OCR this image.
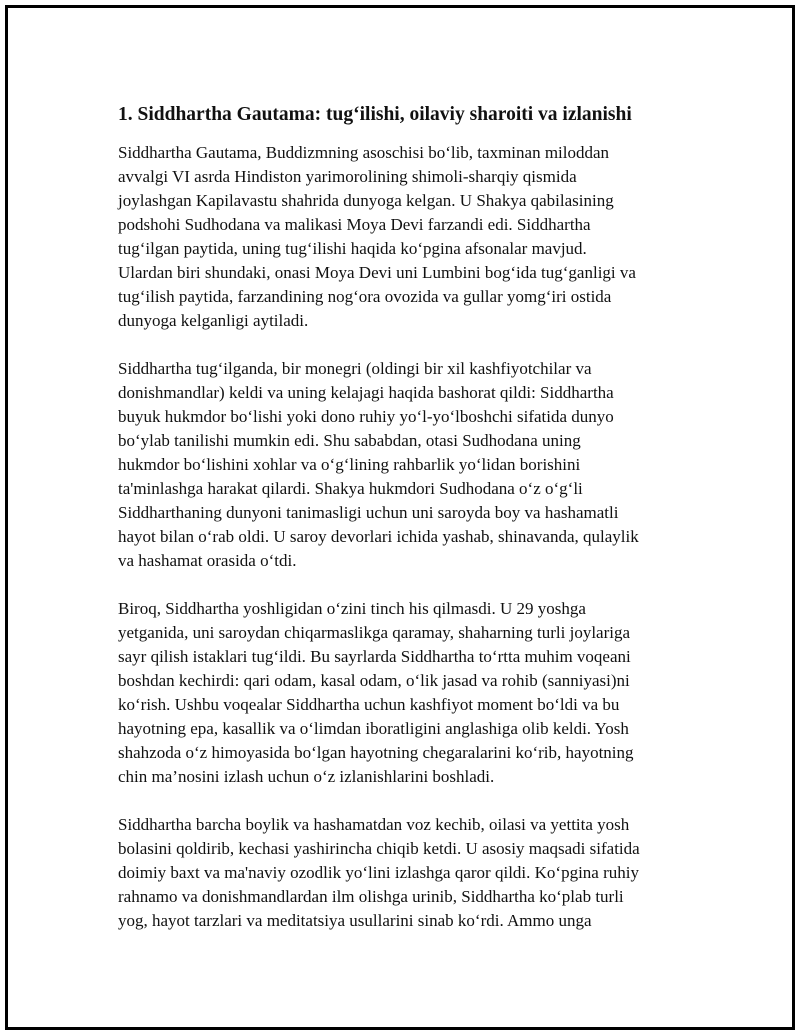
1. Siddhartha Gautama: tug‘ilishi, oilaviy sharoiti va izlanishi

Siddhartha Gautama, Buddizmning asoschisi bo‘lib, taxminan miloddan
avvalgi VI asrda Hindiston yarimorolining shimoli-sharqiy qismida
joylashgan Kapilavastu shahrida dunyoga kelgan. U Shakya qabilasining
podshohi Sudhodana va malikasi Moya Devi farzandi edi. Siddhartha
tug‘ilgan paytida, uning tug‘ilishi haqida ko‘pgina afsonalar mavjud.
Ulardan biri shundaki, onasi Moya Devi uni Lumbini bog‘ida tug‘ganligi va
tug‘ilish paytida, farzandining nog‘ora ovozida va gullar yomg‘iri ostida
dunyoga kelganligi aytiladi.

Siddhartha tug‘ilganda, bir monegri (oldingi bir xil kashfiyotchilar va
donishmandlar) keldi va uning kelajagi haqida bashorat qildi: Siddhartha
buyuk hukmdor bo‘lishi yoki dono ruhiy yo‘l-yo‘lboshchi sifatida dunyo
bo‘ylab tanilishi mumkin edi. Shu sababdan, otasi Sudhodana uning
hukmdor bo‘lishini xohlar va o‘g‘lining rahbarlik yo‘lidan borishini
ta'minlashga harakat qilardi. Shakya hukmdori Sudhodana o‘z o‘g‘li
Siddharthaning dunyoni tanimasligi uchun uni saroyda boy va hashamatli
hayot bilan o‘rab oldi. U saroy devorlari ichida yashab, shinavanda, qulaylik
va hashamat orasida o‘tdi.

Biroq, Siddhartha yoshligidan o‘zini tinch his qilmasdi. U 29 yoshga
yetganida, uni saroydan chiqarmaslikga qaramay, shaharning turli joylariga
sayr qilish istaklari tug‘ildi. Bu sayrlarda Siddhartha to‘rtta muhim voqeani
boshdan kechirdi: qari odam, kasal odam, o‘lik jasad va rohib (sanniyasi)ni
ko‘rish. Ushbu voqealar Siddhartha uchun kashfiyot moment bo‘ldi va bu
hayotning epa, kasallik va o‘limdan iboratligini anglashiga olib keldi. Yosh
shahzoda o‘z himoyasida bo‘lgan hayotning chegaralarini ko‘rib, hayotning
chin ma’nosini izlash uchun o‘z izlanishlarini boshladi.

Siddhartha barcha boylik va hashamatdan voz kechib, oilasi va yettita yosh
bolasini qoldirib, kechasi yashirincha chiqib ketdi. U asosiy maqsadi sifatida
doimiy baxt va ma'naviy ozodlik yo‘lini izlashga qaror qildi. Ko‘pgina ruhiy
rahnamo va donishmandlardan ilm olishga urinib, Siddhartha ko‘plab turli
yog, hayot tarzlari va meditatsiya usullarini sinab ko‘rdi. Ammo unga
